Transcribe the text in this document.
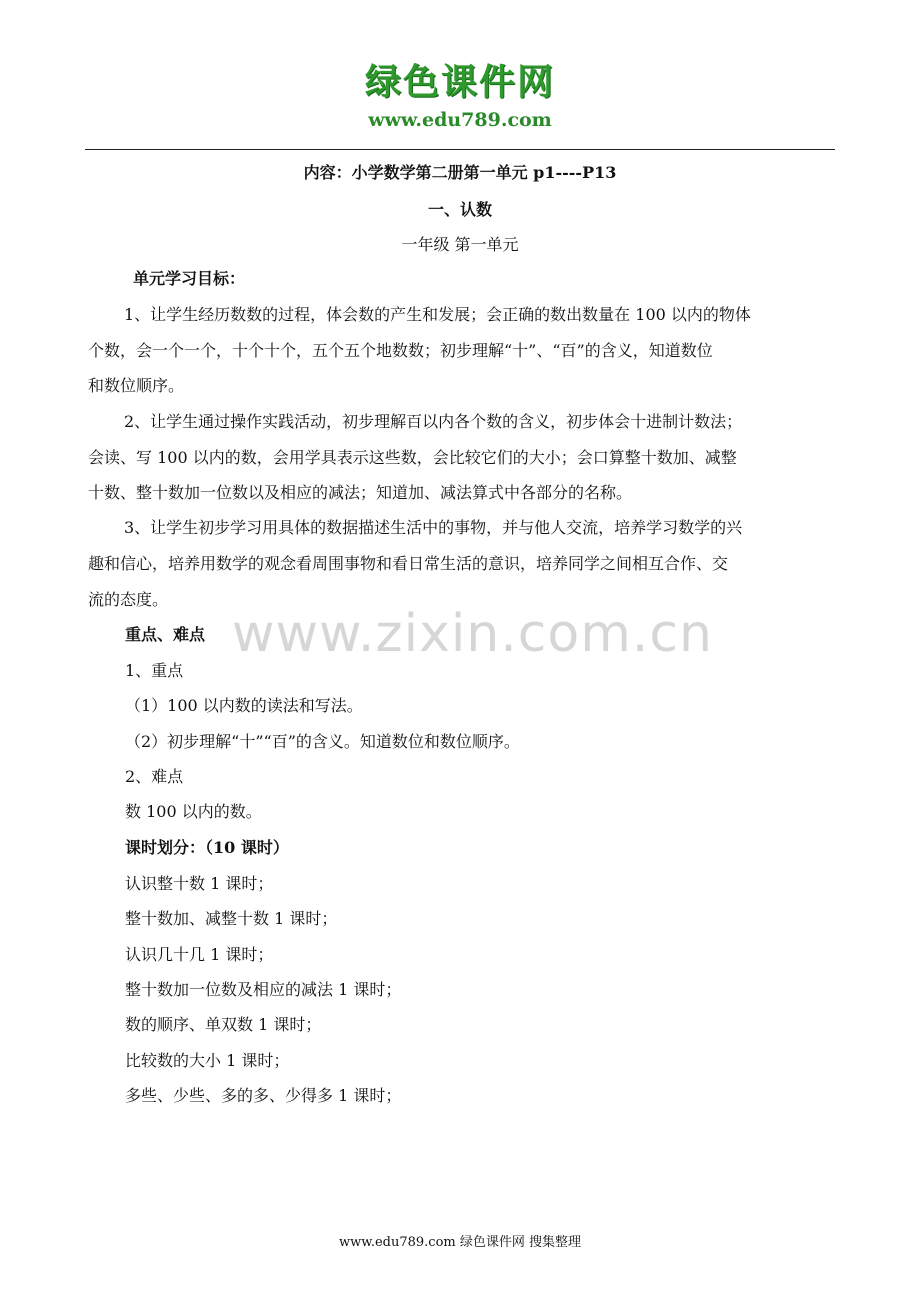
绿色课件网
www.edu789.com
内容：小学数学第二册第一单元 p1----P13
一、认数
一年级 第一单元
单元学习目标：
1、让学生经历数数的过程，体会数的产生和发展；会正确的数出数量在 100 以内的物体
个数，会一个一个，十个十个，五个五个地数数；初步理解“十”、“百”的含义，知道数位
和数位顺序。
2、让学生通过操作实践活动，初步理解百以内各个数的含义，初步体会十进制计数法；
会读、写 100 以内的数，会用学具表示这些数，会比较它们的大小；会口算整十数加、减整
十数、整十数加一位数以及相应的减法；知道加、减法算式中各部分的名称。
3、让学生初步学习用具体的数据描述生活中的事物，并与他人交流，培养学习数学的兴
趣和信心，培养用数学的观念看周围事物和看日常生活的意识，培养同学之间相互合作、交
流的态度。
www.zixin.com.cn
重点、难点
1、重点
（1）100 以内数的读法和写法。
（2）初步理解“十”“百”的含义。知道数位和数位顺序。
2、难点
数 100 以内的数。
课时划分：（10 课时）
认识整十数 1 课时；
整十数加、减整十数 1 课时；
认识几十几 1 课时；
整十数加一位数及相应的减法 1 课时；
数的顺序、单双数 1 课时；
比较数的大小 1 课时；
多些、少些、多的多、少得多 1 课时；
www.edu789.com 绿色课件网 搜集整理
